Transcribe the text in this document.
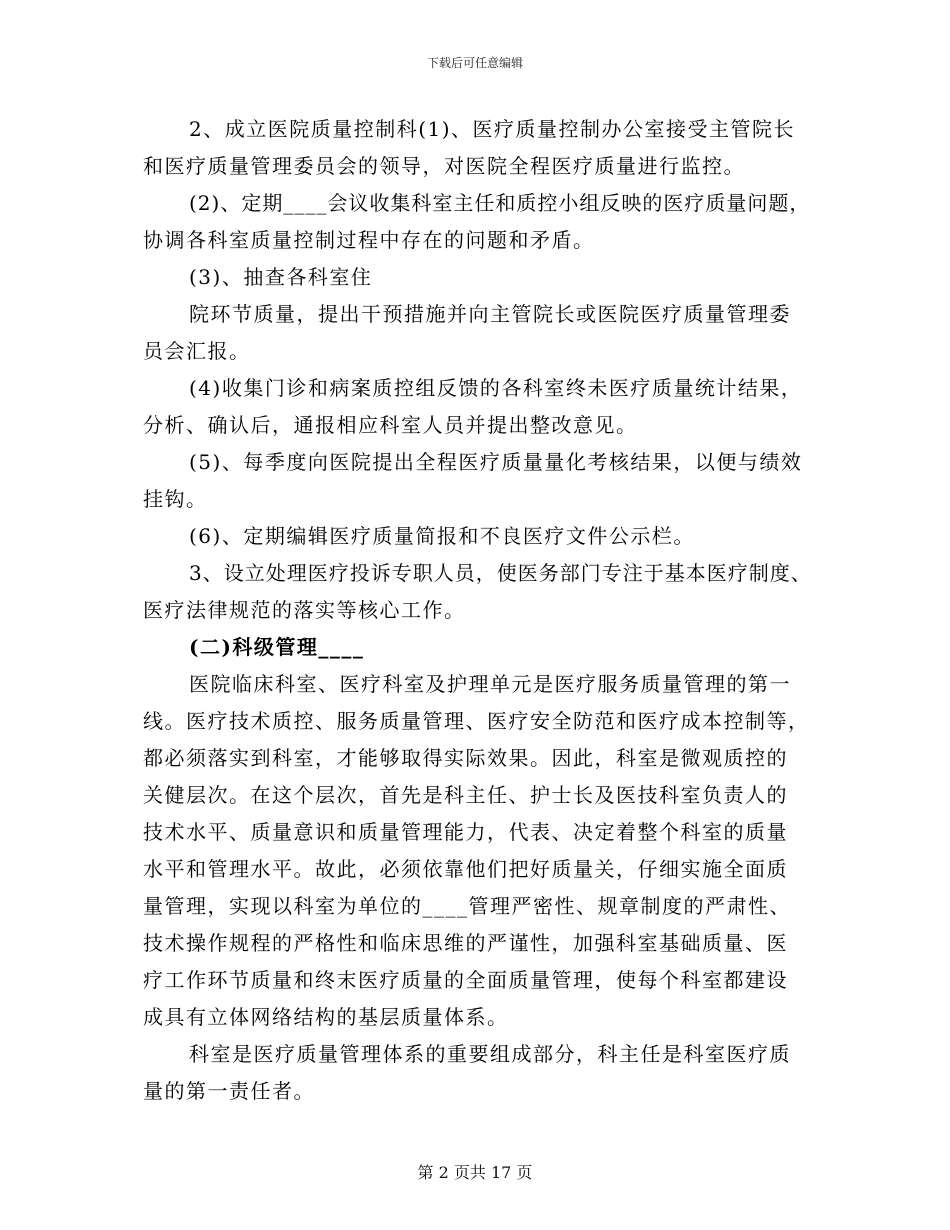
下载后可任意编辑
2、成立医院质量控制科(1)、医疗质量控制办公室接受主管院长
和医疗质量管理委员会的领导，对医院全程医疗质量进行监控。
(2)、定期____会议收集科室主任和质控小组反映的医疗质量问题，
协调各科室质量控制过程中存在的问题和矛盾。
(3)、抽查各科室住
院环节质量，提出干预措施并向主管院长或医院医疗质量管理委
员会汇报。
(4)收集门诊和病案质控组反馈的各科室终未医疗质量统计结果，
分析、确认后，通报相应科室人员并提出整改意见。
(5)、每季度向医院提出全程医疗质量量化考核结果，以便与绩效
挂钩。
(6)、定期编辑医疗质量简报和不良医疗文件公示栏。
3、设立处理医疗投诉专职人员，使医务部门专注于基本医疗制度、
医疗法律规范的落实等核心工作。
(二)科级管理____
医院临床科室、医疗科室及护理单元是医疗服务质量管理的第一
线。医疗技术质控、服务质量管理、医疗安全防范和医疗成本控制等，
都必须落实到科室，才能够取得实际效果。因此，科室是微观质控的
关健层次。在这个层次，首先是科主任、护士长及医技科室负责人的
技术水平、质量意识和质量管理能力，代表、决定着整个科室的质量
水平和管理水平。故此，必须依靠他们把好质量关，仔细实施全面质
量管理，实现以科室为单位的____管理严密性、规章制度的严肃性、
技术操作规程的严格性和临床思维的严谨性，加强科室基础质量、医
疗工作环节质量和终末医疗质量的全面质量管理，使每个科室都建设
成具有立体网络结构的基层质量体系。
科室是医疗质量管理体系的重要组成部分，科主任是科室医疗质
量的第一责任者。
第 2 页共 17 页
